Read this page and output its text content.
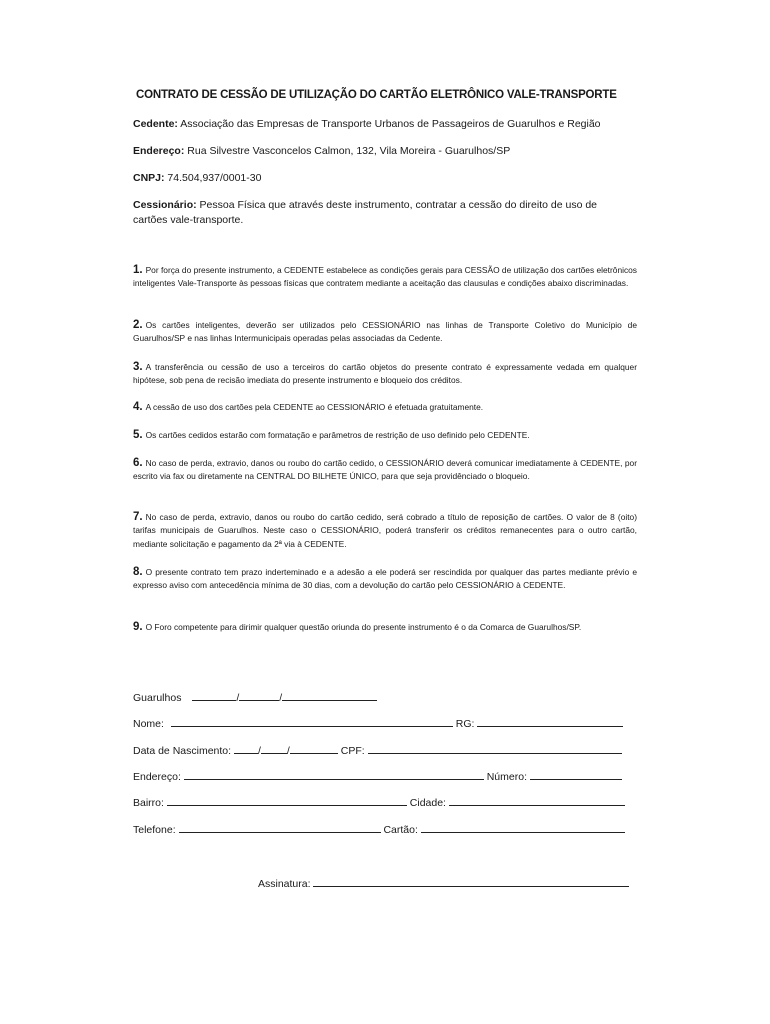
CONTRATO DE CESSÃO DE UTILIZAÇÃO DO CARTÃO ELETRÔNICO VALE-TRANSPORTE
Cedente: Associação das Empresas de Transporte Urbanos de Passageiros de Guarulhos e Região
Endereço: Rua Silvestre Vasconcelos Calmon, 132, Vila Moreira - Guarulhos/SP
CNPJ: 74.504,937/0001-30
Cessionário: Pessoa Física que através deste instrumento, contratar a cessão do direito de uso de cartões vale-transporte.
1. Por força do presente instrumento, a CEDENTE estabelece as condições gerais para CESSÃO de utilização dos cartões eletrônicos inteligentes Vale-Transporte às pessoas físicas que contratem mediante a aceitação das clausulas e condições abaixo discriminadas.
2. Os cartões inteligentes, deverão ser utilizados pelo CESSIONÁRIO nas linhas de Transporte Coletivo do Município de Guarulhos/SP e nas linhas Intermunicipais operadas pelas associadas da Cedente.
3. A transferência ou cessão de uso a terceiros do cartão objetos do presente contrato é expressamente vedada em qualquer hipótese, sob pena de recisão imediata do presente instrumento e bloqueio dos créditos.
4. A cessão de uso dos cartões pela CEDENTE ao CESSIONÁRIO é efetuada gratuitamente.
5. Os cartões cedidos estarão com formatação e parâmetros de restrição de uso definido pelo CEDENTE.
6. No caso de perda, extravio, danos ou roubo do cartão cedido, o CESSIONÁRIO deverá comunicar imediatamente à CEDENTE, por escrito via fax ou diretamente na CENTRAL DO BILHETE ÚNICO, para que seja providênciado o bloqueio.
7. No caso de perda, extravio, danos ou roubo do cartão cedido, será cobrado a título de reposição de cartões. O valor de 8 (oito) tarifas municipais de Guarulhos. Neste caso o CESSIONÁRIO, poderá transferir os créditos remanecentes para o outro cartão, mediante solicitação e pagamento da 2ª via à CEDENTE.
8. O presente contrato tem prazo inderteminado e a adesão a ele poderá ser rescindida por qualquer das partes mediante prévio e expresso aviso com antecedência mínima de 30 dias, com a devolução do cartão pelo CESSIONÁRIO à CEDENTE.
9. O Foro competente para dirimir qualquer questão oriunda do presente instrumento é o da Comarca de Guarulhos/SP.
Guarulhos	/	/
Nome:	RG:
Data de Nascimento:	/ /	CPF:
Endereço:	Número:
Bairro:	Cidade:
Telefone:	Cartão:
Assinatura:
